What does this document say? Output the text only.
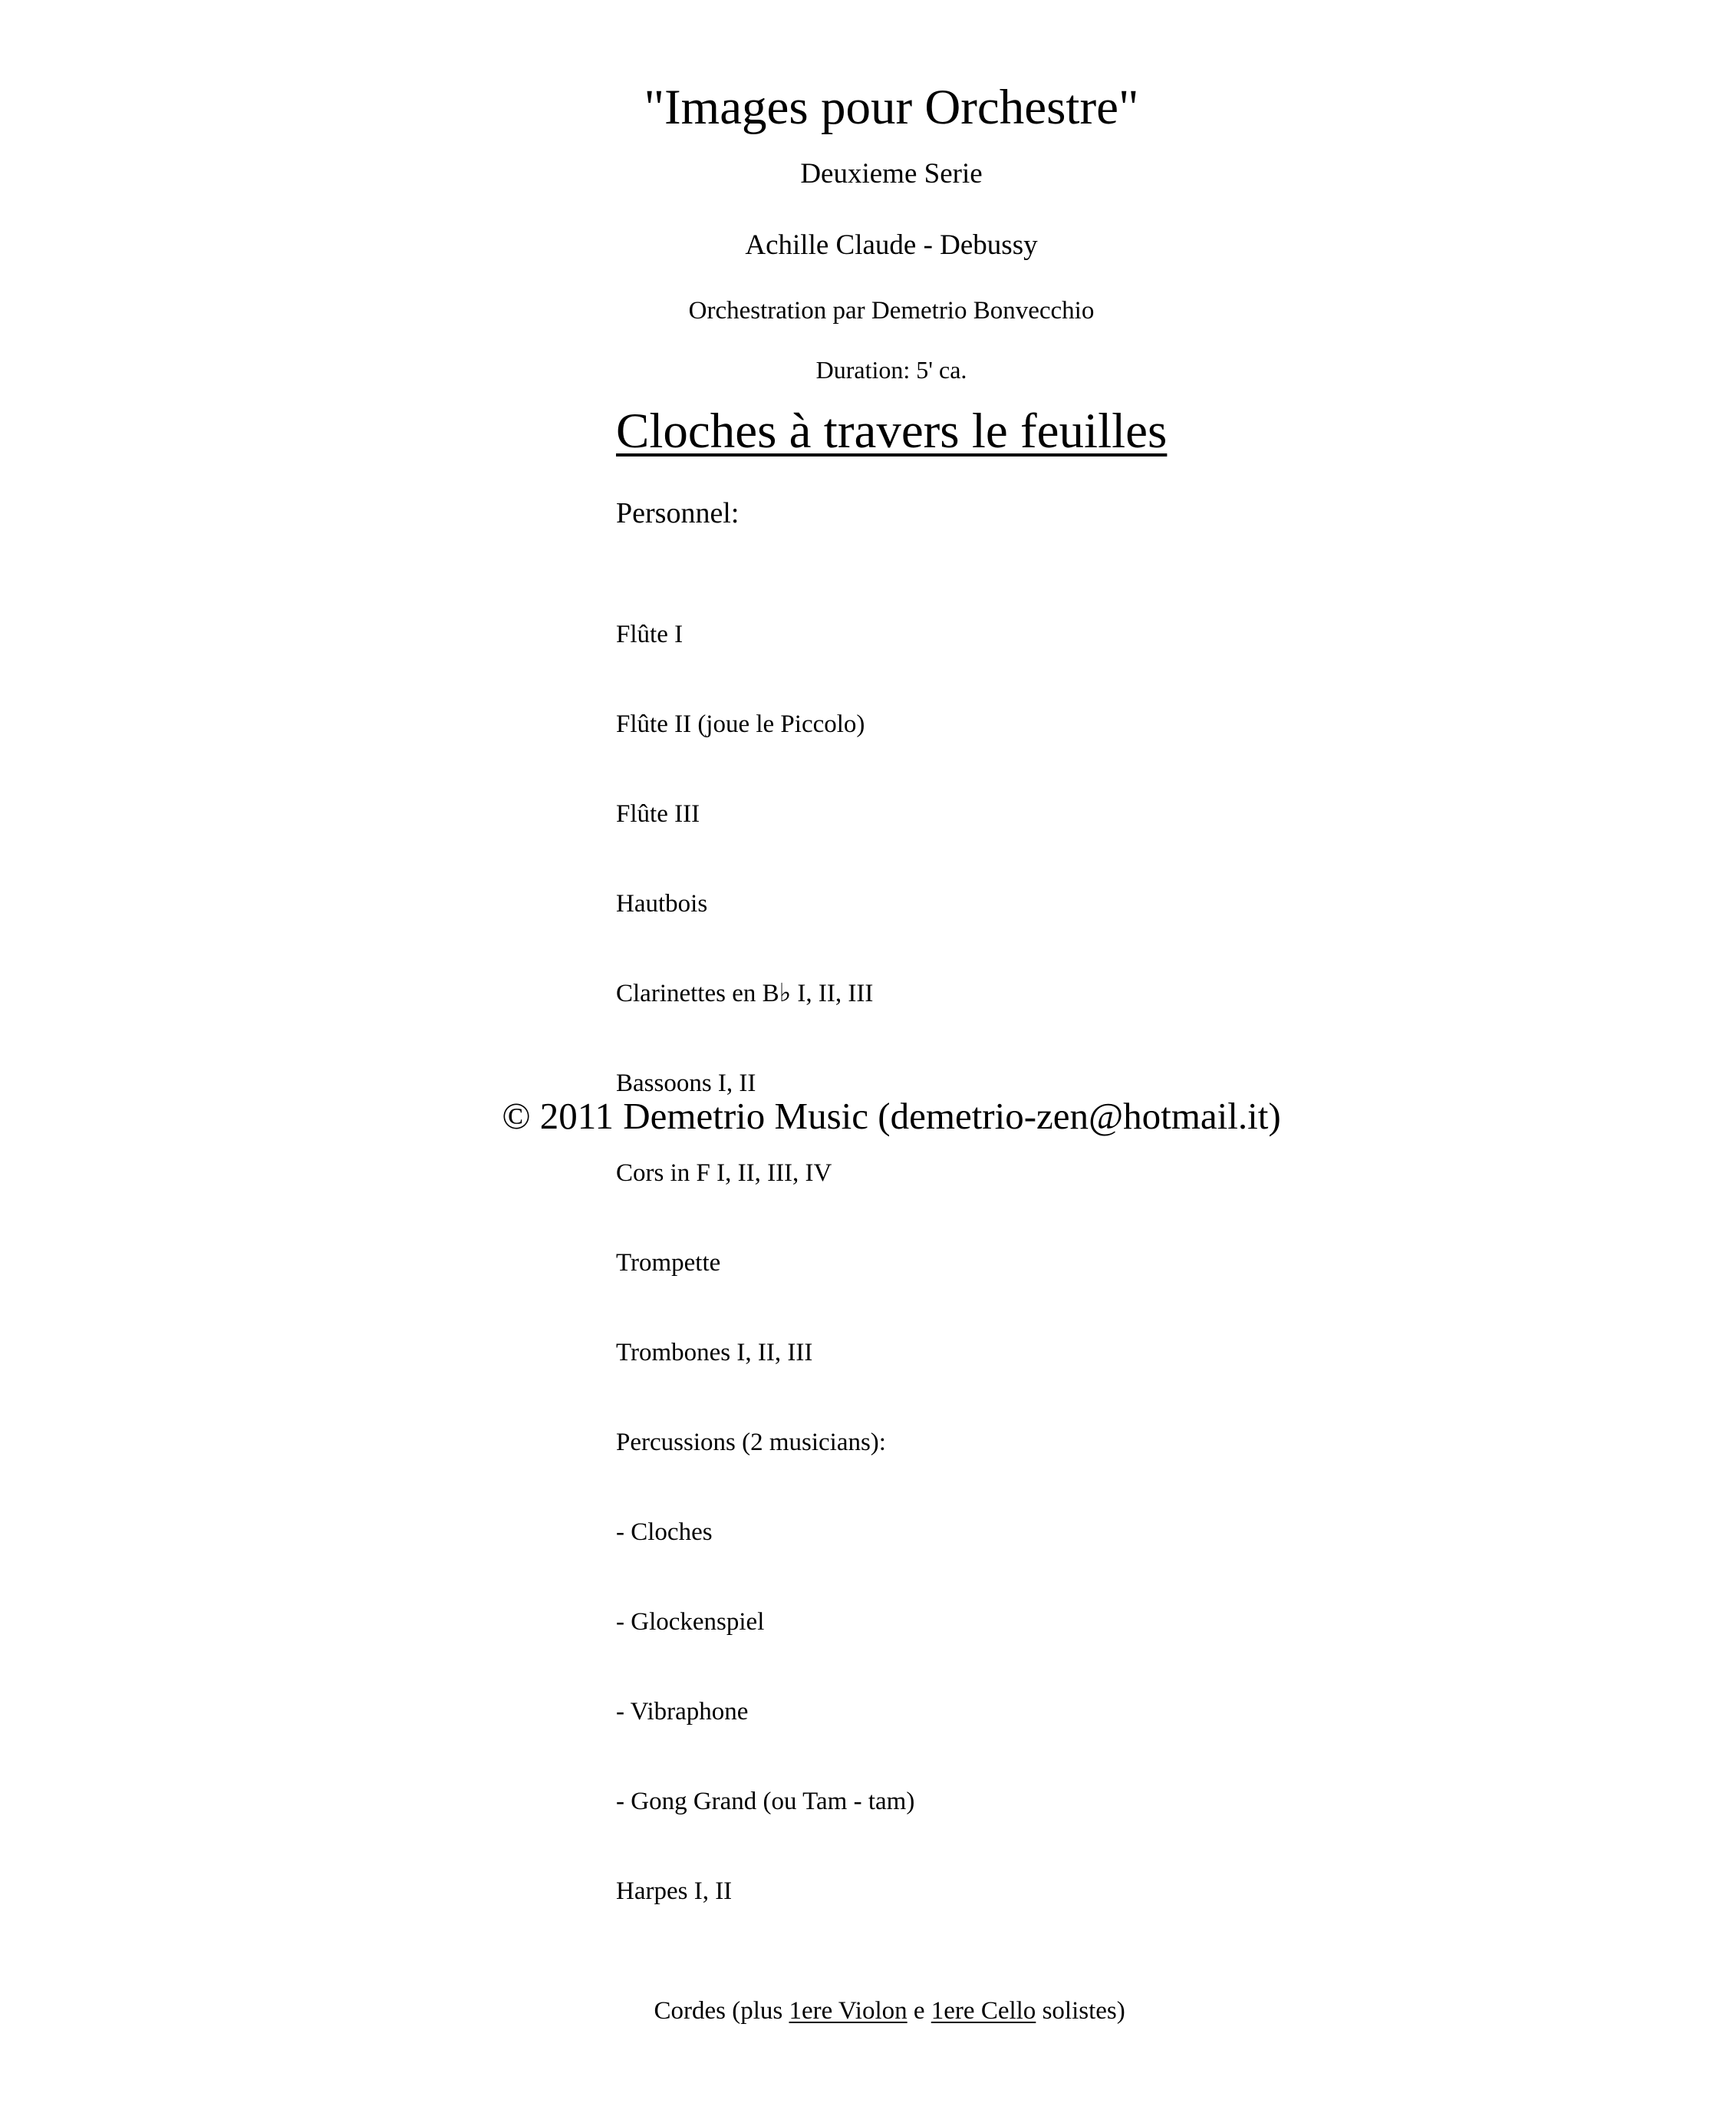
"Images pour Orchestre"
Deuxieme Serie
Achille Claude - Debussy
Orchestration par Demetrio Bonvecchio
Duration: 5' ca.
Cloches à travers le feuilles
Personnel:

Flûte I

Flûte II (joue le Piccolo)

Flûte III

Hautbois

Clarinettes en B♭ I, II, III

Bassoons I, II

Cors in F I, II, III, IV

Trompette

Trombones I, II, III

Percussions (2 musicians):

- Cloches

- Glockenspiel

- Vibraphone

- Gong Grand (ou Tam - tam)

Harpes I, II

Cordes (plus 1ere Violon e 1ere Cello solistes)

© 2011 Demetrio Music (demetrio-zen@hotmail.it)
